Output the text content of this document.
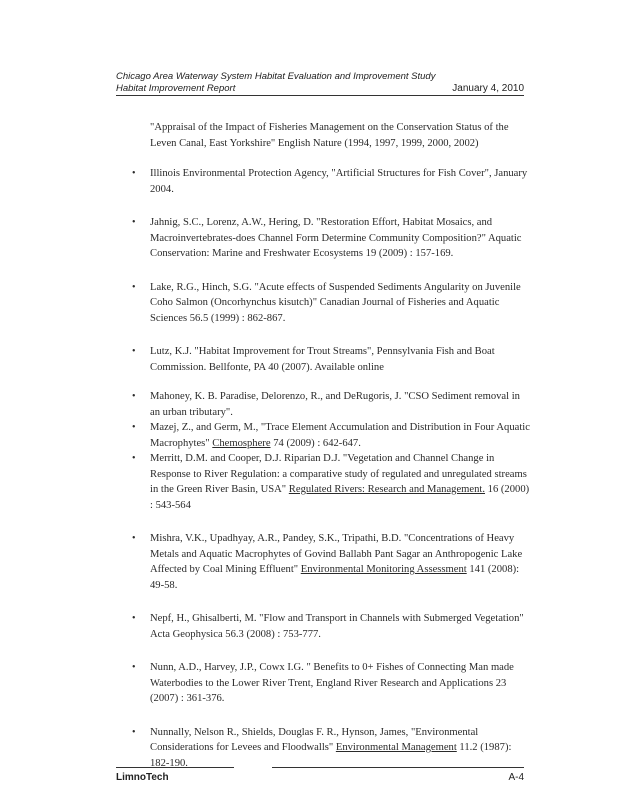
Chicago Area Waterway System Habitat Evaluation and Improvement Study
Habitat Improvement Report	January 4, 2010
"Appraisal of the Impact of Fisheries Management on the Conservation Status of the Leven Canal, East Yorkshire" English Nature (1994, 1997, 1999, 2000, 2002)
• Illinois Environmental Protection Agency, "Artificial Structures for Fish Cover", January 2004.
• Jahnig, S.C., Lorenz, A.W., Hering, D. "Restoration Effort, Habitat Mosaics, and Macroinvertebrates-does Channel Form Determine Community Composition?" Aquatic Conservation: Marine and Freshwater Ecosystems 19 (2009) : 157-169.
• Lake, R.G., Hinch, S.G. "Acute effects of Suspended Sediments Angularity on Juvenile Coho Salmon (Oncorhynchus kisutch)" Canadian Journal of Fisheries and Aquatic Sciences 56.5 (1999) : 862-867.
• Lutz, K.J. "Habitat Improvement for Trout Streams", Pennsylvania Fish and Boat Commission. Bellfonte, PA 40 (2007). Available online
• Mahoney, K. B. Paradise, Delorenzo, R., and DeRugoris, J. "CSO Sediment removal in an urban tributary".
• Mazej, Z., and Germ, M., "Trace Element Accumulation and Distribution in Four Aquatic Macrophytes" Chemosphere 74 (2009) : 642-647.
• Merritt, D.M. and Cooper, D.J. Riparian D.J. "Vegetation and Channel Change in Response to River Regulation: a comparative study of regulated and unregulated streams in the Green River Basin, USA" Regulated Rivers: Research and Management. 16 (2000) : 543-564
• Mishra, V.K., Upadhyay, A.R., Pandey, S.K., Tripathi, B.D. "Concentrations of Heavy Metals and Aquatic Macrophytes of Govind Ballabh Pant Sagar an Anthropogenic Lake Affected by Coal Mining Effluent" Environmental Monitoring Assessment 141 (2008): 49-58.
• Nepf, H., Ghisalberti, M. "Flow and Transport in Channels with Submerged Vegetation" Acta Geophysica 56.3 (2008) : 753-777.
• Nunn, A.D., Harvey, J.P., Cowx I.G. " Benefits to 0+ Fishes of Connecting Man made Waterbodies to the Lower River Trent, England River Research and Applications 23 (2007) : 361-376.
• Nunnally, Nelson R., Shields, Douglas F. R., Hynson, James, "Environmental Considerations for Levees and Floodwalls" Environmental Management 11.2 (1987): 182-190.
LimnoTech	A-4
